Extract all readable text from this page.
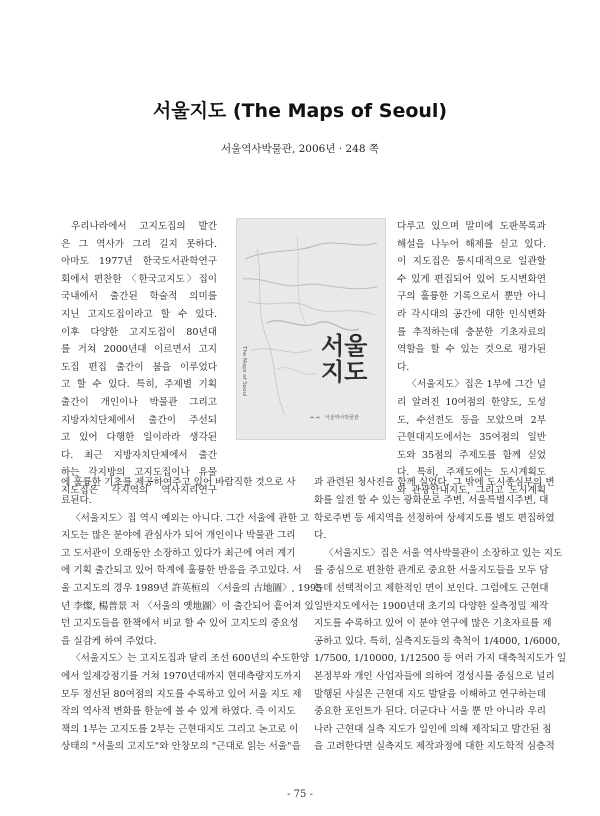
서울지도 (The Maps of Seoul)
서울역사박물관, 2006년 · 248 쪽
우리나라에서 고지도집의 발간
은 그 역사가 그리 길지 못하다.
아마도 1977년 한국도서관학연구
회에서 편찬한 〈한국고지도〉집이
국내에서 출간된 학술적 의미를
지닌 고지도집이라고 할 수 있다.
이후 다양한 고지도집이 80년대
를 거쳐 2000년대 이르면서 고지
도집 편집 출간이 붐을 이루었다
고 할 수 있다. 특히, 주제별 기획
출간이 개인이나 박물관 그리고
지방자치단체에서 출간이 주선되
고 있어 다행한 일이라라 생각된
다. 최근 지방자치단체에서 출간
하는 각지방의 고지도집이나 유물
지도집은 각지역의 역사지리연구
The Maps of Seoul	서울
지도
ᄊᄊ 서울역사박물관
다루고 있으며 말미에 도판목록과
해설을 나누어 해제를 싣고 있다.
이 지도집은 통시대적으로 일관할
수 있게 편집되어 있어 도시변화연
구의 훌륭한 기록으로서 뿐만 아니
라 각시대의 공간에 대한 인식변화
를 추적하는데 충분한 기초자료의
역할을 할 수 있는 것으로 평가된
다.
〈서울지도〉집은 1부에 그간 널
리 알려진 10여점의 한양도, 도성
도, 수선전도 등을 모았으며 2부
근현대지도에서는 35여점의 일반
도와 35점의 주제도를 함께 싣었
다. 특히, 주제도에는 도시계획도
와 관광안내지도, 그리고 도시계획
에 훌륭한 기초를 제공하여주고 있어 바람직한 것으로 사 과 관련된 청사진을 함께 실었다. 그 밖에 도시종심부의 변
료된다.
〈서울지도〉집 역시 예외는 아니다. 그간 서울에 관한 고
지도는 많은 분야에 관심사가 되어 개인이나 박물관 그리
고 도서관이 오래동안 소장하고 있다가 최근에 여러 계기
에 기획 출간되고 있어 학계에 훌륭한 반응을 주고있다. 서
울 고지도의 경우 1989년 許英桓의 〈서울의 古地圖〉, 1995
년 李燦, 楊普景 저 〈서울의 옛地圖〉이 출간되어 흩어져 있
던 고지도들을 한책에서 비교 할 수 있어 고지도의 중요성
을 실감케 하여 주었다.
〈서울지도〉는 고지도집과 달리 조선 600년의 수도한양
에서 일제강점기를 거쳐 1970년대까지 현대측량지도까지
모두 정선된 80여점의 지도를 수록하고 있어 서울 지도 제
작의 역사적 변화를 한눈에 볼 수 있게 하였다. 즉 이지도
책의 1부는 고지도를 2부는 근현대지도 그리고 논고로 이
상태의 "서울의 고지도"와 안창모의 "근대로 읽는 서울"을
화를 일전 할 수 있는 광화문로 주변, 서울특별시주변, 대
학로주변 등 세지역을 선정하여 상세지도를 별도 편집하였
다.
〈서울지도〉집은 서울 역사박물관이 소장하고 있는 지도
를 중심으로 편찬한 관계로 중요한 서울지도들을 모두 담
는데 선택적이고 제한적인 면이 보인다. 그럼에도 근현대
일반지도에서는 1900년대 초기의 다양한 실측정밀 제작
지도를 수록하고 있어 이 분야 연구에 많은 기초자료를 제
공하고 있다. 특히, 실측지도들의 축척이 1/4000, 1/6000,
1/7500, 1/10000, 1/12500 등 여러 가지 대축척지도가 일
본정부와 개인 사업자들에 의하여 경성시를 중심으로 널리
발행된 사실은 근현대 지도 발달을 이해하고 연구하는데
중요한 포인트가 된다. 더군다나 서울 뿐 만 아니라 우리
나라 근현대 실측 지도가 일인에 의해 제작되고 발간된 점
을 고려한다면 실측지도 제작과정에 대한 지도학적 심층적
- 75 -
